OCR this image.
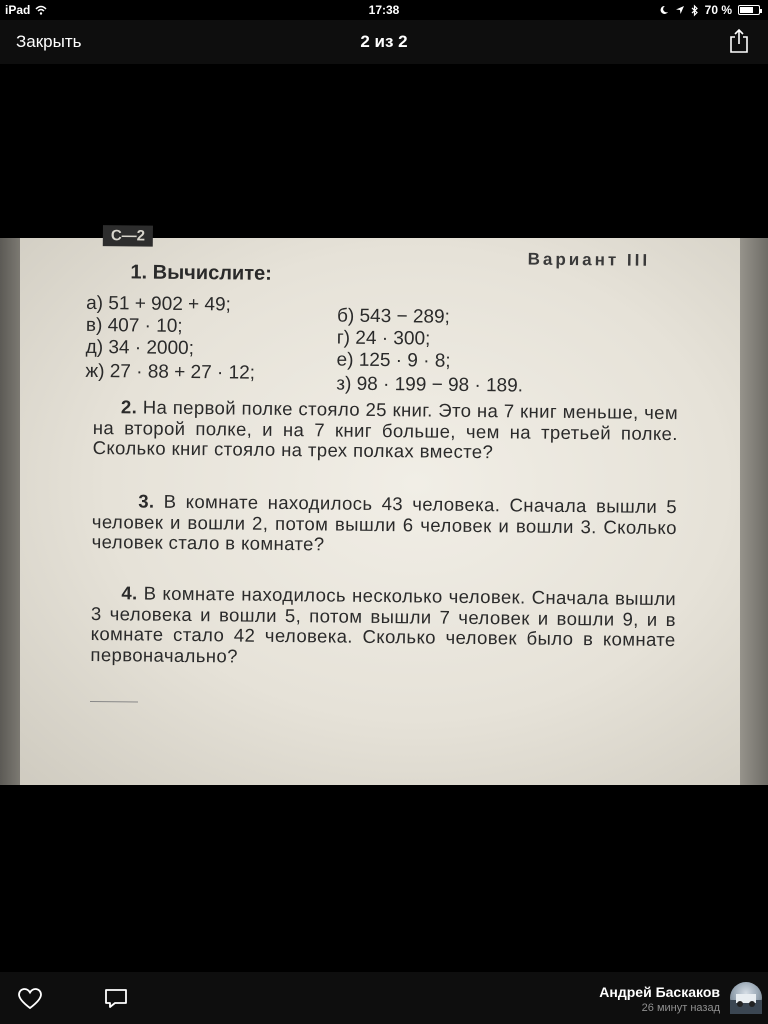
iPad	17:38	70 %
Закрыть	2 из 2
С—2
Вариант III
1. Вычислите:
а) 51 + 902 + 49;
б) 543 − 289;
в) 407 · 10;
г) 24 · 300;
д) 34 · 2000;
е) 125 · 9 · 8;
ж) 27 · 88 + 27 · 12;
з) 98 · 199 − 98 · 189.
2. На первой полке стояло 25 книг. Это на 7 книг меньше, чем на второй полке, и на 7 книг больше, чем на третьей полке. Сколько книг стояло на трех полках вместе?
3. В комнате находилось 43 человека. Сначала вышли 5 человек и вошли 2, потом вышли 6 человек и вошли 3. Сколько человек стало в комнате?
4. В комнате находилось несколько человек. Сначала вышли 3 человека и вошли 5, потом вышли 7 человек и вошли 9, и в комнате стало 42 человека. Сколько человек было в комнате первоначально?
Андрей Баскаков
26 минут назад
